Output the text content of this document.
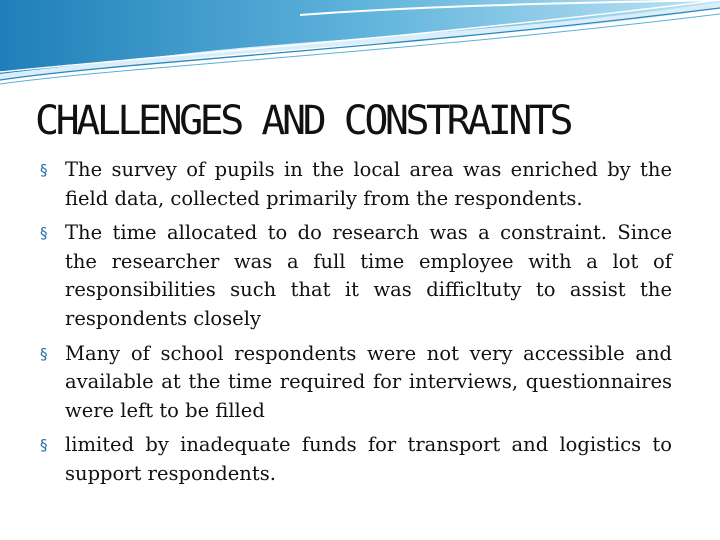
CHALLENGES AND CONSTRAINTS
§ The survey of pupils in the local area was enriched by the field data, collected primarily from the respondents.
§ The time allocated to do research was a constraint. Since the researcher was a full time employee with a lot of responsibilities such that it was difficltuty to assist the respondents closely
§ Many of school respondents were not very accessible and available at the time required for interviews, questionnaires were left to be filled
§ limited by inadequate funds for transport and logistics to support respondents.
